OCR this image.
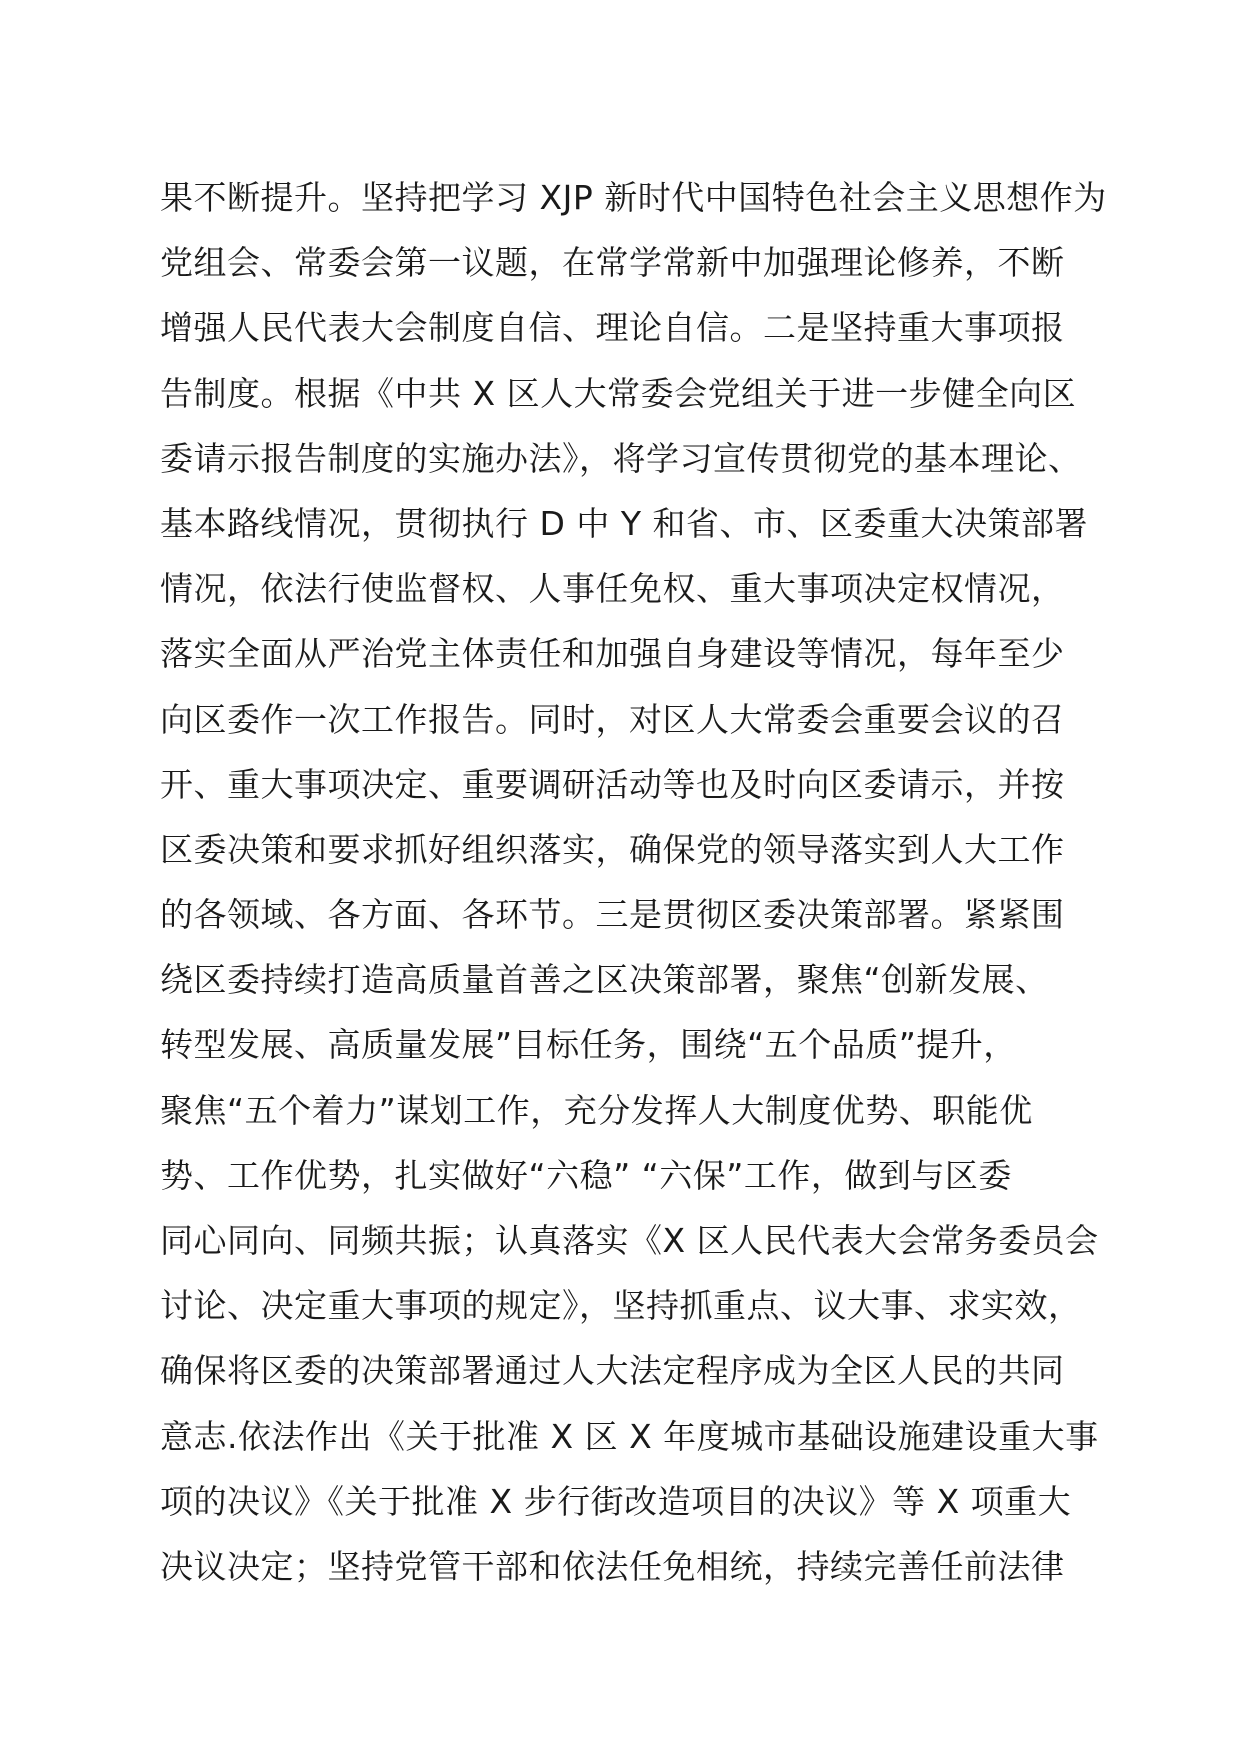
果不断提升。坚持把学习 XJP 新时代中国特色社会主义思想作为
党组会、常委会第一议题，在常学常新中加强理论修养，不断
增强人民代表大会制度自信、理论自信。二是坚持重大事项报
告制度。根据《中共 X 区人大常委会党组关于进一步健全向区
委请示报告制度的实施办法》，将学习宣传贯彻党的基本理论、
基本路线情况，贯彻执行 D 中 Y 和省、市、区委重大决策部署
情况，依法行使监督权、人事任免权、重大事项决定权情况，
落实全面从严治党主体责任和加强自身建设等情况，每年至少
向区委作一次工作报告。同时，对区人大常委会重要会议的召
开、重大事项决定、重要调研活动等也及时向区委请示，并按
区委决策和要求抓好组织落实，确保党的领导落实到人大工作
的各领域、各方面、各环节。三是贯彻区委决策部署。紧紧围
绕区委持续打造高质量首善之区决策部署，聚焦“创新发展、
转型发展、高质量发展”目标任务，围绕“五个品质”提升，
聚焦“五个着力”谋划工作，充分发挥人大制度优势、职能优
势、工作优势，扎实做好“六稳” “六保”工作，做到与区委
同心同向、同频共振；认真落实《X 区人民代表大会常务委员会
讨论、决定重大事项的规定》，坚持抓重点、议大事、求实效，
确保将区委的决策部署通过人大法定程序成为全区人民的共同
意志.依法作出《关于批准 X 区 X 年度城市基础设施建设重大事
项的决议》《关于批准 X 步行街改造项目的决议》等 X 项重大
决议决定；坚持党管干部和依法任免相统，持续完善任前法律
